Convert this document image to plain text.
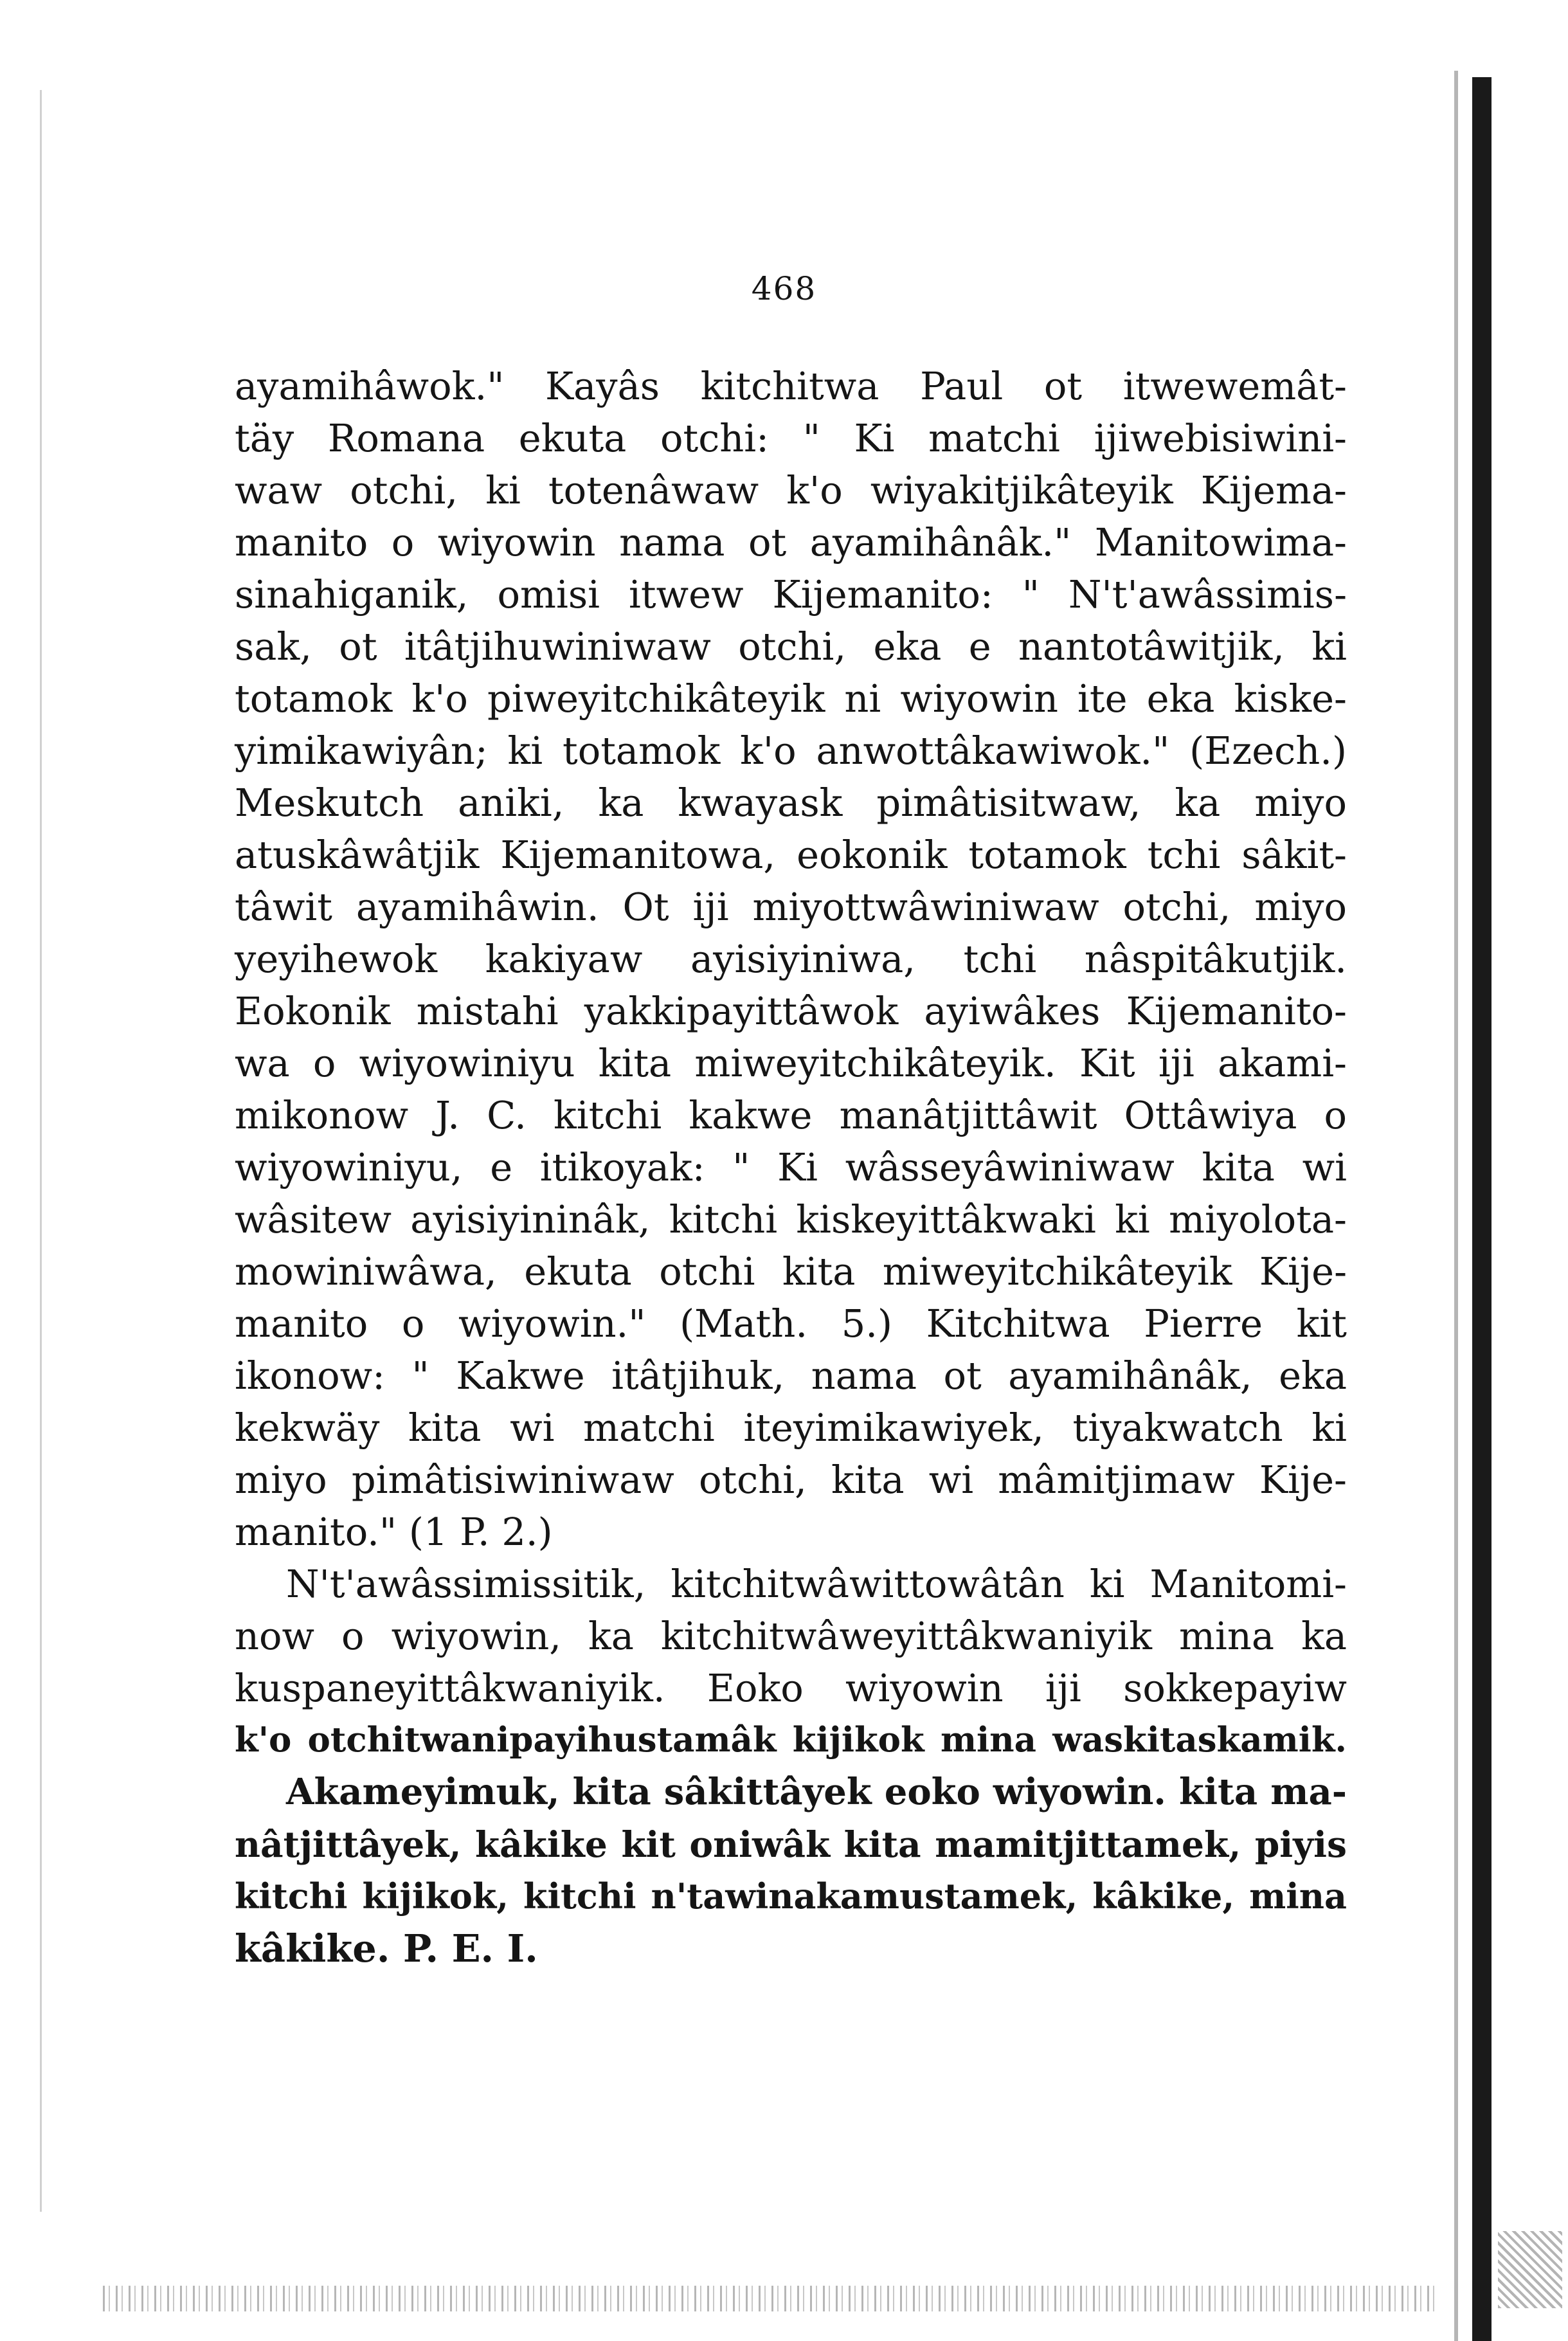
468
ayamihâwok." Kayâs kitchitwa Paul ot itwewemât-
täy Romana ekuta otchi: " Ki matchi ijiwebisiwini-
waw otchi, ki totenâwaw k'o wiyakitjikâteyik Kijema-
manito o wiyowin nama ot ayamihânâk." Manitowima-
sinahiganik, omisi itwew Kijemanito: " N't'awâssimis-
sak, ot itâtjihuwiniwaw otchi, eka e nantotâwitjik, ki
totamok k'o piweyitchikâteyik ni wiyowin ite eka kiske-
yimikawiyân; ki totamok k'o anwottâkawiwok." (Ezech.)
Meskutch aniki, ka kwayask pimâtisitwaw, ka miyo
atuskâwâtjik Kijemanitowa, eokonik totamok tchi sâkit-
tâwit ayamihâwin. Ot iji miyottwâwiniwaw otchi, miyo
yeyihewok kakiyaw ayisiyiniwa, tchi nâspitâkutjik.
Eokonik mistahi yakkipayittâwok ayiwâkes Kijemanito-
wa o wiyowiniyu kita miweyitchikâteyik. Kit iji akami-
mikonow J. C. kitchi kakwe manâtjittâwit Ottâwiya o
wiyowiniyu, e itikoyak: " Ki wâsseyâwiniwaw kita wi
wâsitew ayisiyininâk, kitchi kiskeyittâkwaki ki miyolota-
mowiniwâwa, ekuta otchi kita miweyitchikâteyik Kije-
manito o wiyowin." (Math. 5.) Kitchitwa Pierre kit
ikonow: " Kakwe itâtjihuk, nama ot ayamihânâk, eka
kekwäy kita wi matchi iteyimikawiyek, tiyakwatch ki
miyo pimâtisiwiniwaw otchi, kita wi mâmitjimaw Kije-
manito." (1 P. 2.)
N't'awâssimissitik, kitchitwâwittowâtân ki Manitomi-
now o wiyowin, ka kitchitwâweyittâkwaniyik mina ka
kuspaneyittâkwaniyik. Eoko wiyowin iji sokkepayiw
k'o otchitwanipayihustamâk kijikok mina waskitaskamik.
Akameyimuk, kita sâkittâyek eoko wiyowin. kita ma-
nâtjittâyek, kâkike kit oniwâk kita mamitjittamek, piyis
kitchi kijikok, kitchi n'tawinakamustamek, kâkike, mina
kâkike. P. E. I.
